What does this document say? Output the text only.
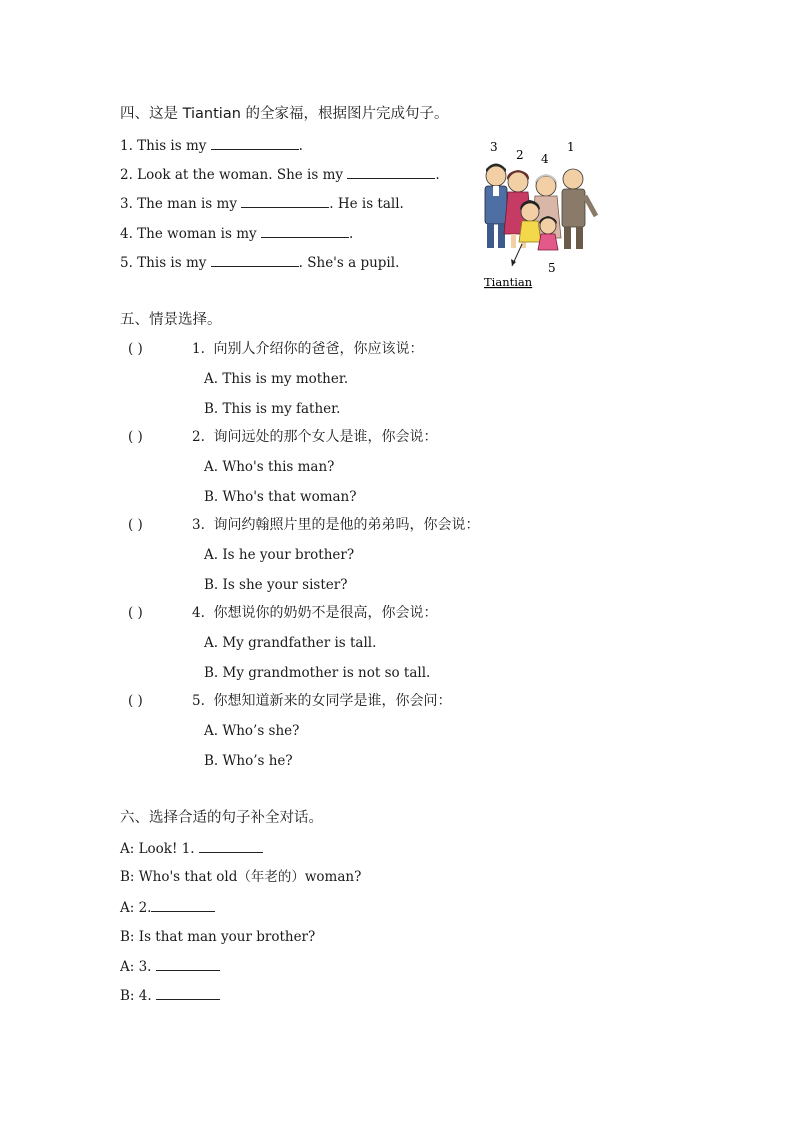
四、这是 Tiantian 的全家福，根据图片完成句子。
1. This is my	.
2. Look at the woman. She is my	.
3. The man is my	. He is tall.
4. The woman is my	.
5. This is my	. She's a pupil.
3
2 4
1
5
Tiantian
五、情景选择。
( )	1. 向别人介绍你的爸爸，你应该说：
A. This is my mother.
B. This is my father.
( )	2. 询问远处的那个女人是谁，你会说：
A. Who's this man?
B. Who's that woman?
( )	3. 询问约翰照片里的是他的弟弟吗，你会说：
A. Is he your brother?
B. Is she your sister?
( )	4. 你想说你的奶奶不是很高，你会说：
A. My grandfather is tall.
B. My grandmother is not so tall.
( )	5. 你想知道新来的女同学是谁，你会问：
A. Who’s she?
B. Who’s he?
六、选择合适的句子补全对话。
A: Look! 1.
B: Who's that old（年老的）woman?
A: 2.
B: Is that man your brother?
A: 3.
B: 4.
